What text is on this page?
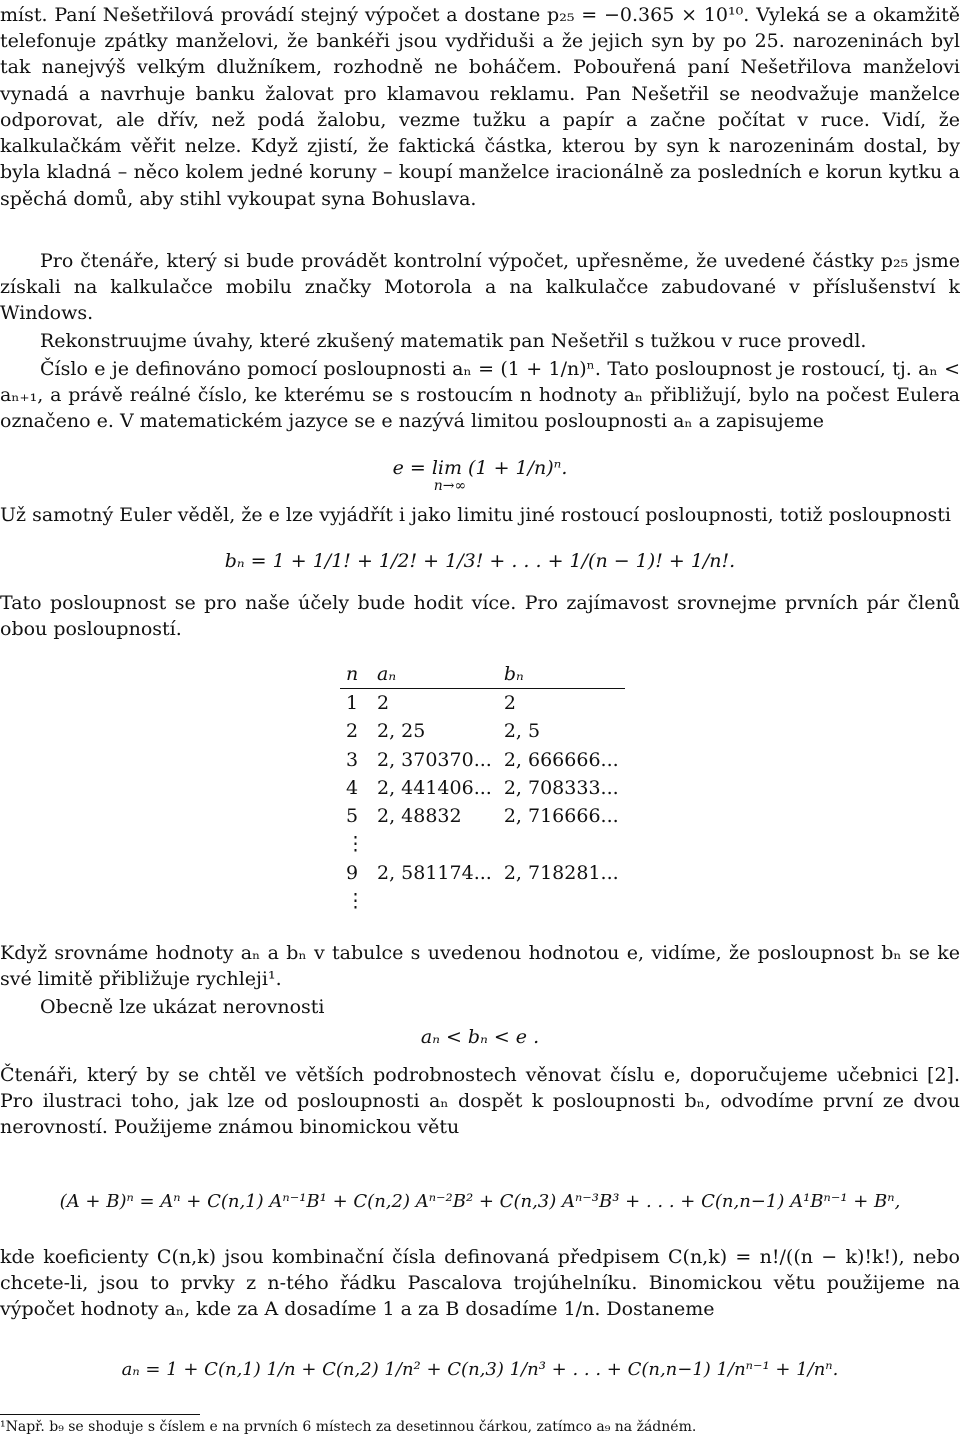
míst. Paní Nešetřilová provádí stejný výpočet a dostane p₂₅ = −0.365 × 10¹⁰. Vyleká se a okamžitě telefonuje zpátky manželovi, že bankéři jsou vydřiduši a že jejich syn by po 25. narozeninách byl tak nanejvýš velkým dlužníkem, rozhodně ne boháčem. Pobouřená paní Nešetřilova manželovi vynadá a navrhuje banku žalovat pro klamavou reklamu. Pan Nešetřil se neodvažuje manželce odporovat, ale dřív, než podá žalobu, vezme tužku a papír a začne počítat v ruce. Vidí, že kalkulačkám věřit nelze. Když zjistí, že faktická částka, kterou by syn k narozeninám dostal, by byla kladná – něco kolem jedné koruny – koupí manželce iracionálně za posledních e korun kytku a spěchá domů, aby stihl vykoupat syna Bohuslava.

Pro čtenáře, který si bude provádět kontrolní výpočet, upřesněme, že uvedené částky p₂₅ jsme získali na kalkulačce mobilu značky Motorola a na kalkulačce zabudované v příslušenství k Windows.

Rekonstruujme úvahy, které zkušený matematik pan Nešetřil s tužkou v ruce provedl.

Číslo e je definováno pomocí posloupnosti aₙ = (1 + 1/n)ⁿ. Tato posloupnost je rostoucí, tj. aₙ < aₙ₊₁, a právě reálné číslo, ke kterému se s rostoucím n hodnoty aₙ přibližují, bylo na počest Eulera označeno e. V matematickém jazyce se e nazývá limitou posloupnosti aₙ a zapisujeme

e = lim (1 + 1/n)ⁿ.
n→∞

Už samotný Euler věděl, že e lze vyjádřít i jako limitu jiné rostoucí posloupnosti, totiž posloupnosti

bₙ = 1 + 1/1! + 1/2! + 1/3! + . . . + 1/(n − 1)! + 1/n!.

Tato posloupnost se pro naše účely bude hodit více. Pro zajímavost srovnejme prvních pár členů obou posloupností.

n	aₙ	bₙ
1	2	2
2	2, 25	2, 5
3	2, 370370...	2, 666666...
4	2, 441406...	2, 708333...
5	2, 48832	2, 716666...
⋮		
9	2, 581174...	2, 718281...
⋮		

Když srovnáme hodnoty aₙ a bₙ v tabulce s uvedenou hodnotou e, vidíme, že posloupnost bₙ se ke své limitě přibližuje rychleji¹.

Obecně lze ukázat nerovnosti

aₙ < bₙ < e .

Čtenáři, který by se chtěl ve větších podrobnostech věnovat číslu e, doporučujeme učebnici [2]. Pro ilustraci toho, jak lze od posloupnosti aₙ dospět k posloupnosti bₙ, odvodíme první ze dvou nerovností. Použijeme známou binomickou větu

(A + B)ⁿ = Aⁿ + C(n,1) Aⁿ⁻¹B¹ + C(n,2) Aⁿ⁻²B² + C(n,3) Aⁿ⁻³B³ + . . . + C(n,n−1) A¹Bⁿ⁻¹ + Bⁿ,

kde koeficienty C(n,k) jsou kombinační čísla definovaná předpisem C(n,k) = n!/((n − k)!k!), nebo chcete-li, jsou to prvky z n-tého řádku Pascalova trojúhelníku. Binomickou větu použijeme na výpočet hodnoty aₙ, kde za A dosadíme 1 a za B dosadíme 1/n. Dostaneme

aₙ = 1 + C(n,1) 1/n + C(n,2) 1/n² + C(n,3) 1/n³ + . . . + C(n,n−1) 1/nⁿ⁻¹ + 1/nⁿ.
¹Např. b₉ se shoduje s číslem e na prvních 6 místech za desetinnou čárkou, zatímco a₉ na žádném.
